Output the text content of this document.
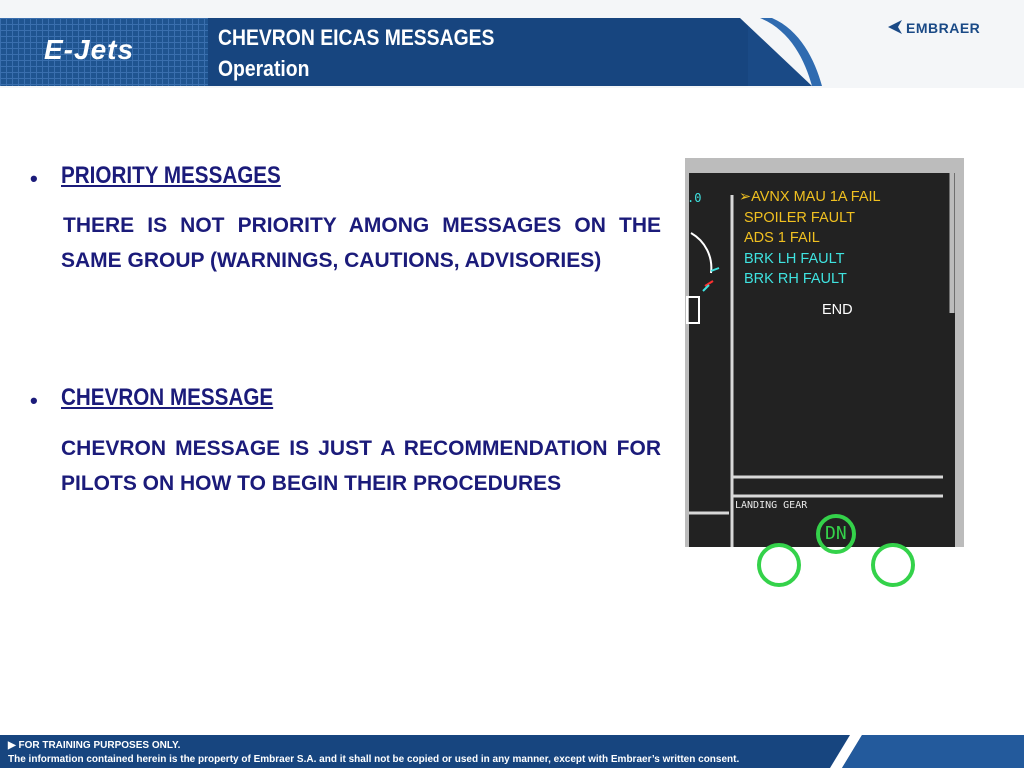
E-Jets	CHEVRON EICAS MESSAGES
Operation
EMBRAER
• PRIORITY MESSAGES
THERE IS NOT PRIORITY AMONG MESSAGES ON THE SAME GROUP (WARNINGS, CAUTIONS, ADVISORIES)
• CHEVRON MESSAGE
CHEVRON MESSAGE IS JUST A RECOMMENDATION FOR PILOTS ON HOW TO BEGIN THEIR PROCEDURES
.0	➢AVNX MAU 1A FAIL
SPOILER FAULT
ADS 1 FAIL
BRK LH FAULT
BRK RH FAULT
END
LANDING GEAR
DN
▶ FOR TRAINING PURPOSES ONLY.
The information contained herein is the property of Embraer S.A. and it shall not be copied or used in any manner, except with Embraer’s written consent.
